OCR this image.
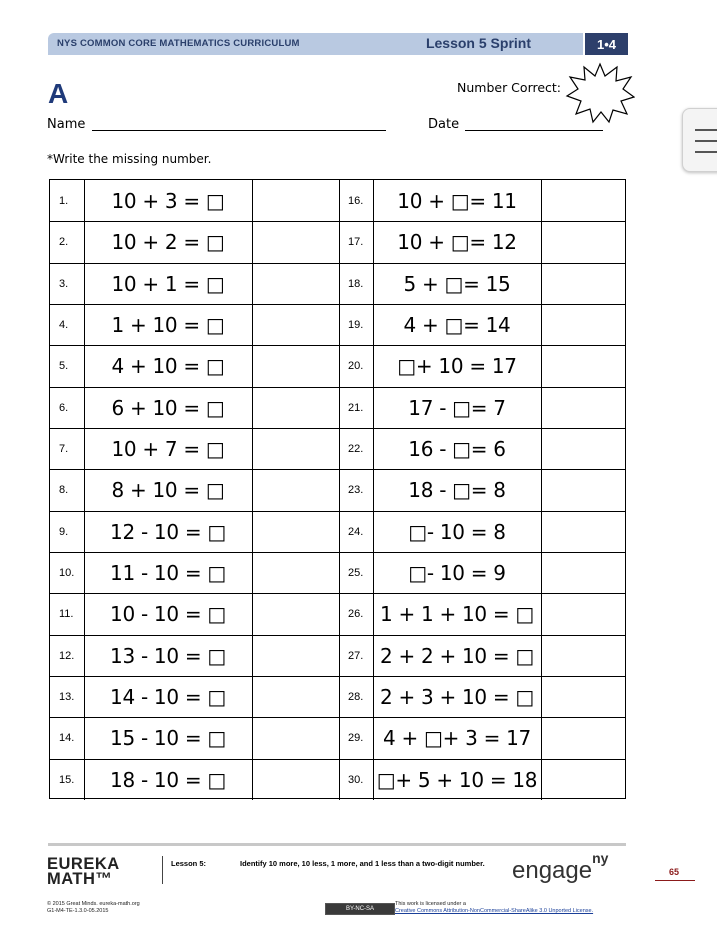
NYS COMMON CORE MATHEMATICS CURRICULUM	Lesson 5 Sprint	1•4
A	Number Correct:
Name	Date
*Write the missing number.
1.	10 + 3 = □	16.	10 + □= 11
2.	10 + 2 = □	17.	10 + □= 12
3.	10 + 1 = □	18.	5 + □= 15
4.	1 + 10 = □	19.	4 + □= 14
5.	4 + 10 = □	20.	□+ 10 = 17
6.	6 + 10 = □	21.	17 - □= 7
7.	10 + 7 = □	22.	16 - □= 6
8.	8 + 10 = □	23.	18 - □= 8
9.	12 - 10 = □	24.	□- 10 = 8
10.	11 - 10 = □	25.	□- 10 = 9
11.	10 - 10 = □	26. 1 + 1 + 10 = □
12.	13 - 10 = □	27. 2 + 2 + 10 = □
13.	14 - 10 = □	28. 2 + 3 + 10 = □
14.	15 - 10 = □	29. 4 + □+ 3 = 17
15.	18 - 10 = □	30. □+ 5 + 10 = 18
EUREKA
MATH™
Lesson 5:	Identify 10 more, 10 less, 1 more, and 1 less than a two-digit number. engage$^{ny}$
65
© 2015 Great Minds. eureka-math.org
G1-M4-TE-1.3.0-05.2015	BY-NC-SA
This work is licensed under a
Creative Commons Attribution-NonCommercial-ShareAlike 3.0 Unported License.
